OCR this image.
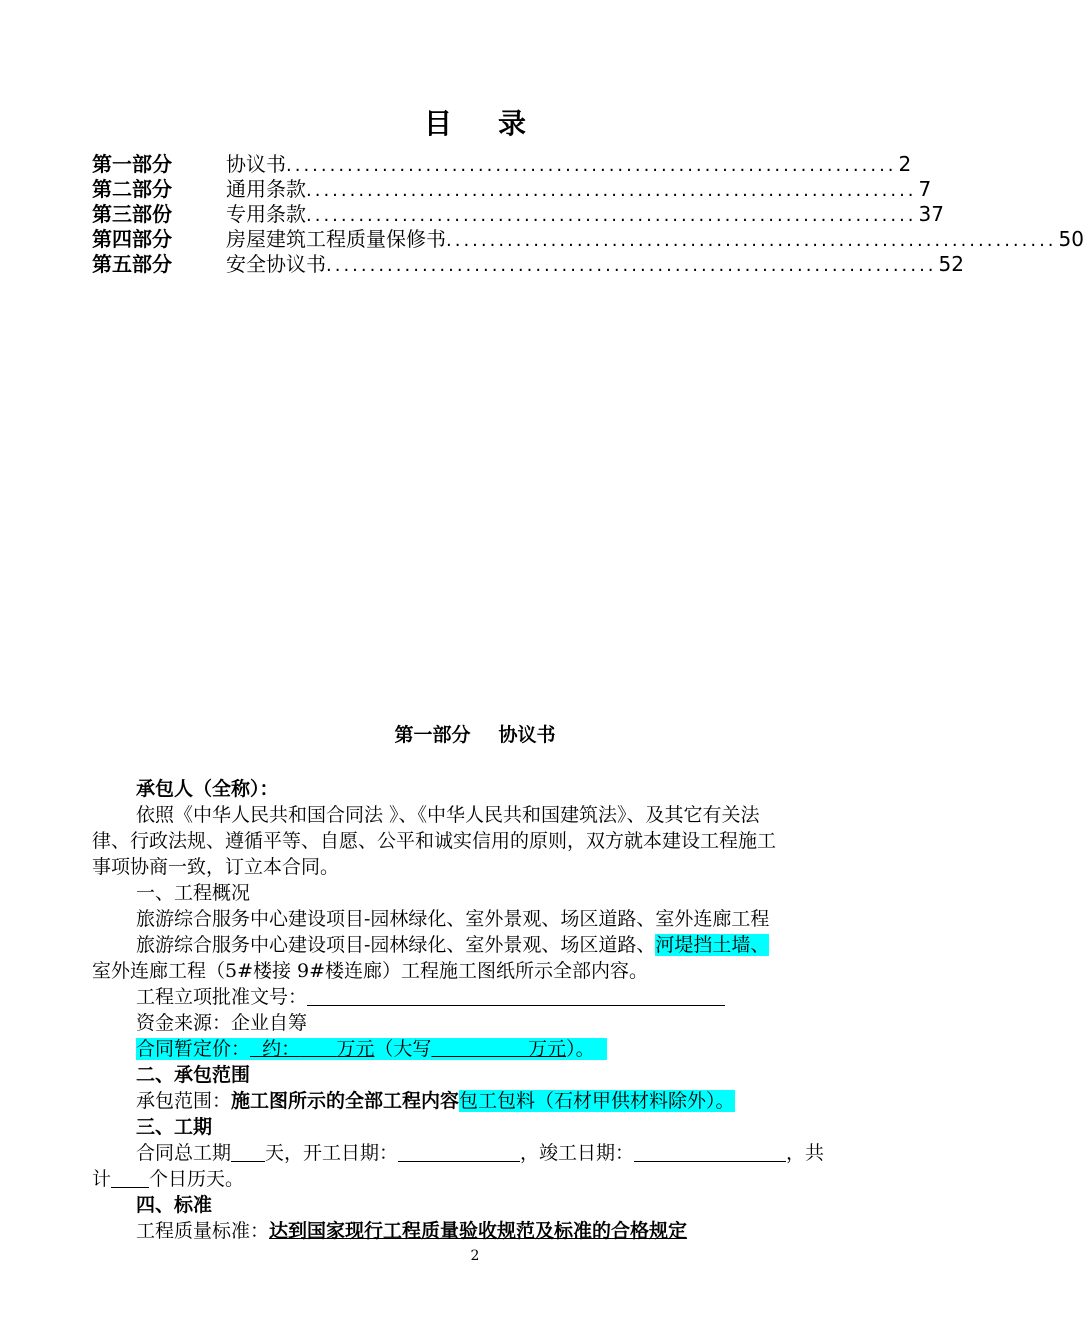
目录
第一部分	协议书 ...................................................................... 2
第二部分	通用条款 ...................................................................... 7
第三部份	专用条款 ...................................................................... 37
第四部分	房屋建筑工程质量保修书 ...................................................................... 50
第五部分	安全协议书 ...................................................................... 52
第一部分 协议书
承包人（全称）：
依照《中华人民共和国合同法 》、《中华人民共和国建筑法》、及其它有关法
律、行政法规、遵循平等、自愿、公平和诚实信用的原则，双方就本建设工程施工
事项协商一致，订立本合同。
一、工程概况
旅游综合服务中心建设项目-园林绿化、室外景观、场区道路、室外连廊工程
旅游综合服务中心建设项目-园林绿化、室外景观、场区道路、河堤挡土墙、
室外连廊工程（5#楼接 9#楼连廊）工程施工图纸所示全部内容。
工程立项批准文号：
资金来源：企业自筹
合同暂定价： 约： 万元（大写	万元）。
二、承包范围
承包范围：施工图所示的全部工程内容包工包料（石材甲供材料除外）。
三、工期
合同总工期 天，开工日期：	，竣工日期：	，共
计 个日历天。
四、标准
工程质量标准：达到国家现行工程质量验收规范及标准的合格规定
2
